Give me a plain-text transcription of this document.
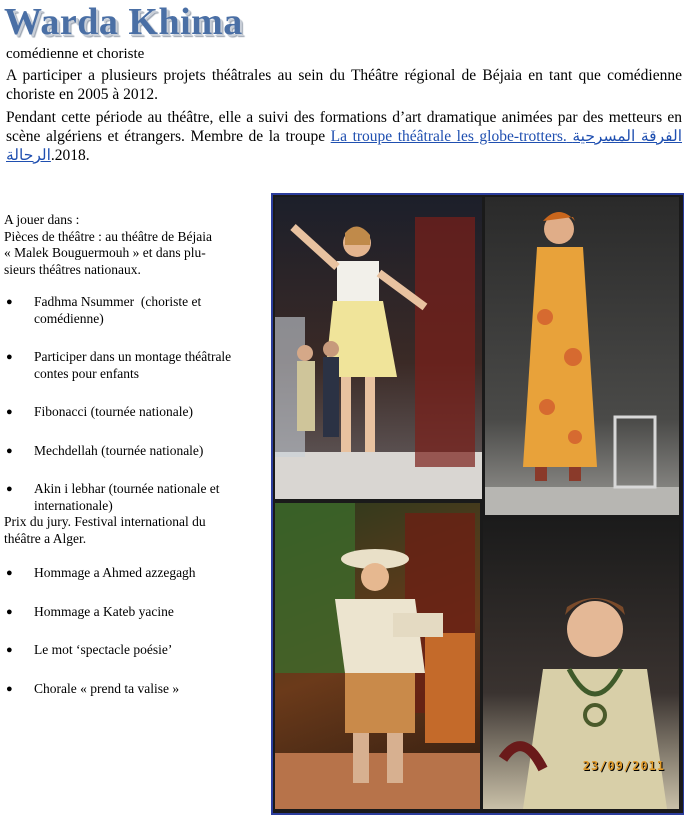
Warda Khima
comédienne et choriste
A participer a plusieurs projets théâtrales au sein du Théâtre régional de Béjaia en tant que comédienne choriste en 2005 à 2012.
Pendant cette période au théâtre, elle a suivi des formations d’art dramatique animées par des metteurs en scène algériens et étrangers. Membre de la troupe La troupe théâtrale les globe-trotters. الفرقة المسرحية الرحالة.2018.
A jouer dans :
Pièces de théâtre : au théâtre de Béjaia
« Malek Bouguermouh » et dans plu-
sieurs théâtres nationaux.
● Fadhma Nsummer  (choriste et comédienne)
● Participer dans un montage théâtrale contes pour enfants
● Fibonacci (tournée nationale)
● Mechdellah (tournée nationale)
● Akin i lebhar (tournée nationale et internationale)
Prix du jury. Festival international du
théâtre a Alger.
● Hommage a Ahmed azzegagh
● Hommage a Kateb yacine
● Le mot ‘spectacle poésie’
● Chorale « prend ta valise »
23/09/2011
